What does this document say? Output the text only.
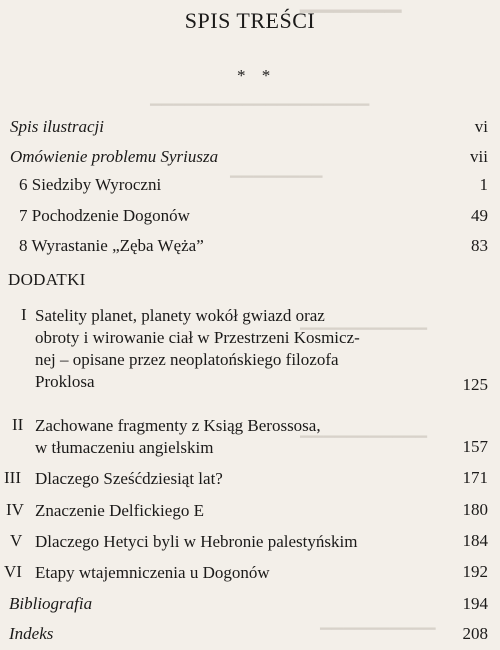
▔▔▔▔▔▔
▁▁▁▁▁▁▁▁▁▁▁▁▁▁▁▁▁▁▁
▁▁▁▁▁▁▁▁
▁▁▁▁▁▁▁▁▁▁▁
▁▁▁▁▁▁▁▁▁▁▁
▁▁▁▁▁▁▁▁▁▁
SPIS TREŚCI
* *
Spis ilustracji	vi
Omówienie problemu Syriusza	vii
6 Siedziby Wyroczni	1
7 Pochodzenie Dogonów	49
8 Wyrastanie „Zęba Węża”	83
DODATKI
I Satelity planet, planety wokół gwiazd oraz
obroty i wirowanie ciał w Przestrzeni Kosmicz-
nej – opisane przez neoplatońskiego filozofa
Proklosa	125
II Zachowane fragmenty z Ksiąg Berossosa,
w tłumaczeniu angielskim	157
III Dlaczego Sześćdziesiąt lat?	171
IV Znaczenie Delfickiego E	180
V Dlaczego Hetyci byli w Hebronie palestyńskim	184
VI Etapy wtajemniczenia u Dogonów	192
Bibliografia	194
Indeks	208
